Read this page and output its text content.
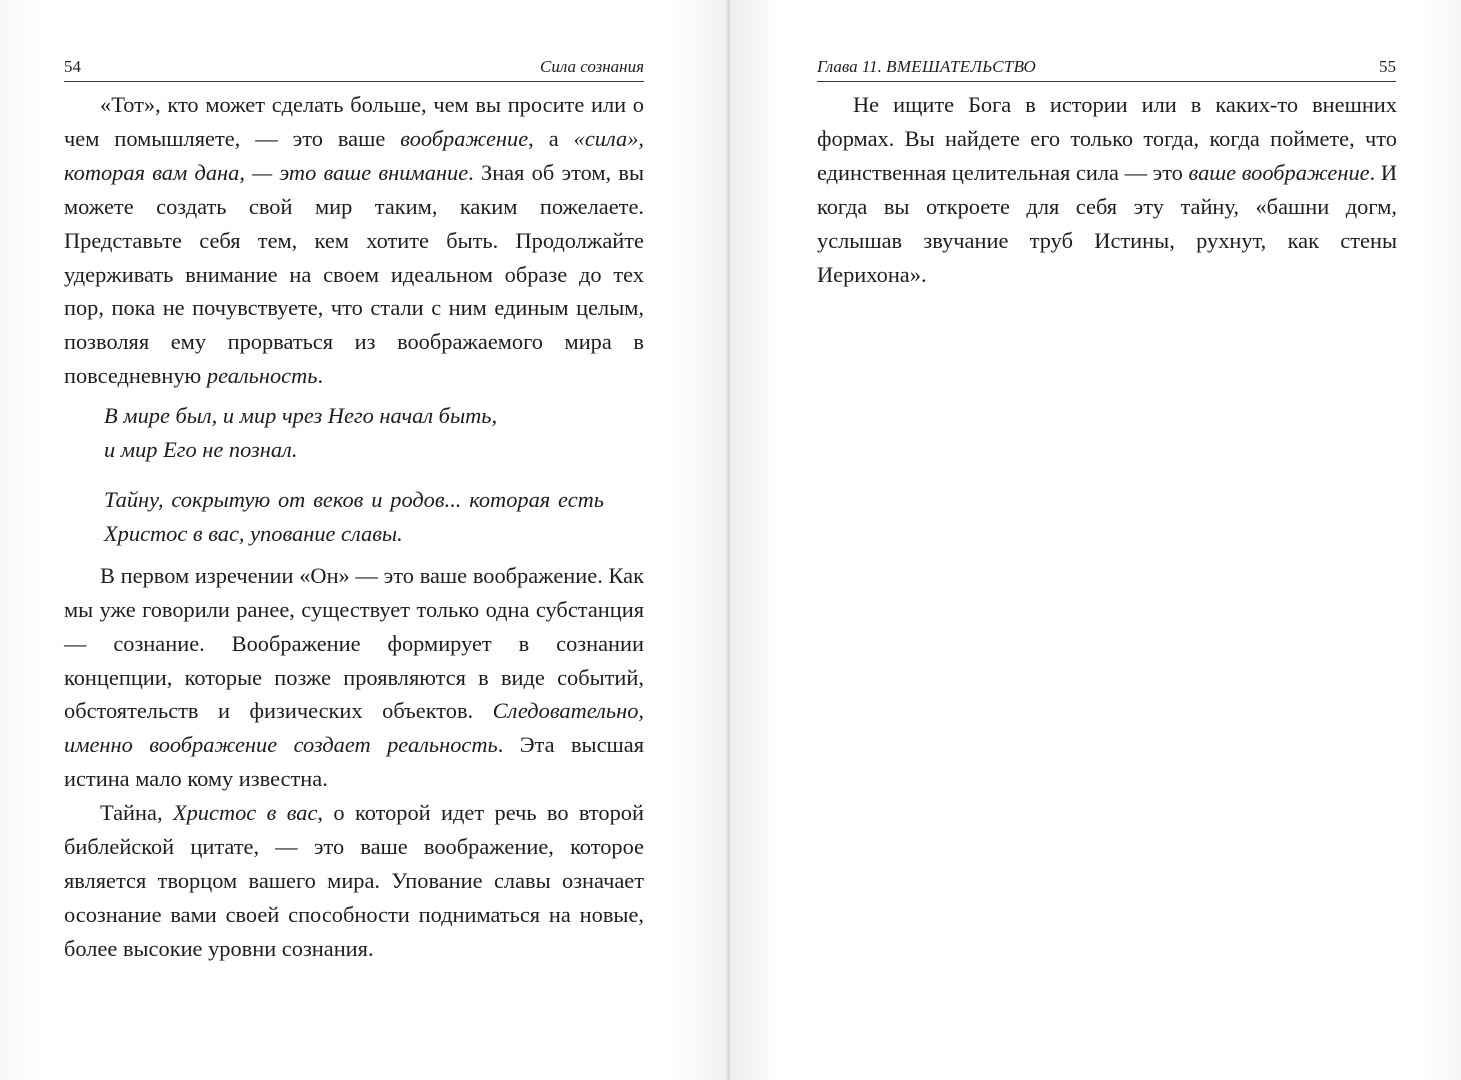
54	Сила сознания

«Тот», кто может сделать больше, чем вы просите или о чем помышляете, — это ваше воображение, а «сила», которая вам дана, — это ваше внимание. Зная об этом, вы можете создать свой мир таким, каким пожелаете. Представьте себя тем, кем хотите быть. Продолжайте удерживать внимание на своем идеальном образе до тех пор, пока не почувствуете, что стали с ним единым целым, позволяя ему прорваться из воображаемого мира в повседневную реальность.

В мире был, и мир чрез Него начал быть,
и мир Его не познал.
Тайну, сокрытую от веков и родов... которая есть Христос в вас, упование славы.

В первом изречении «Он» — это ваше воображение. Как мы уже говорили ранее, существует только одна субстанция — сознание. Воображение формирует в сознании концепции, которые позже проявляются в виде событий, обстоятельств и физических объектов. Следовательно, именно воображение создает реальность. Эта высшая истина мало кому известна.

Тайна, Христос в вас, о которой идет речь во второй библейской цитате, — это ваше воображение, которое является творцом вашего мира. Упование славы означает осознание вами своей способности подниматься на новые, более высокие уровни сознания.

Глава 11. ВМЕШАТЕЛЬСТВО	55

Не ищите Бога в истории или в каких-то внешних формах. Вы найдете его только тогда, когда поймете, что единственная целительная сила — это ваше воображение. И когда вы откроете для себя эту тайну, «башни догм, услышав звучание труб Истины, рухнут, как стены Иерихона».
